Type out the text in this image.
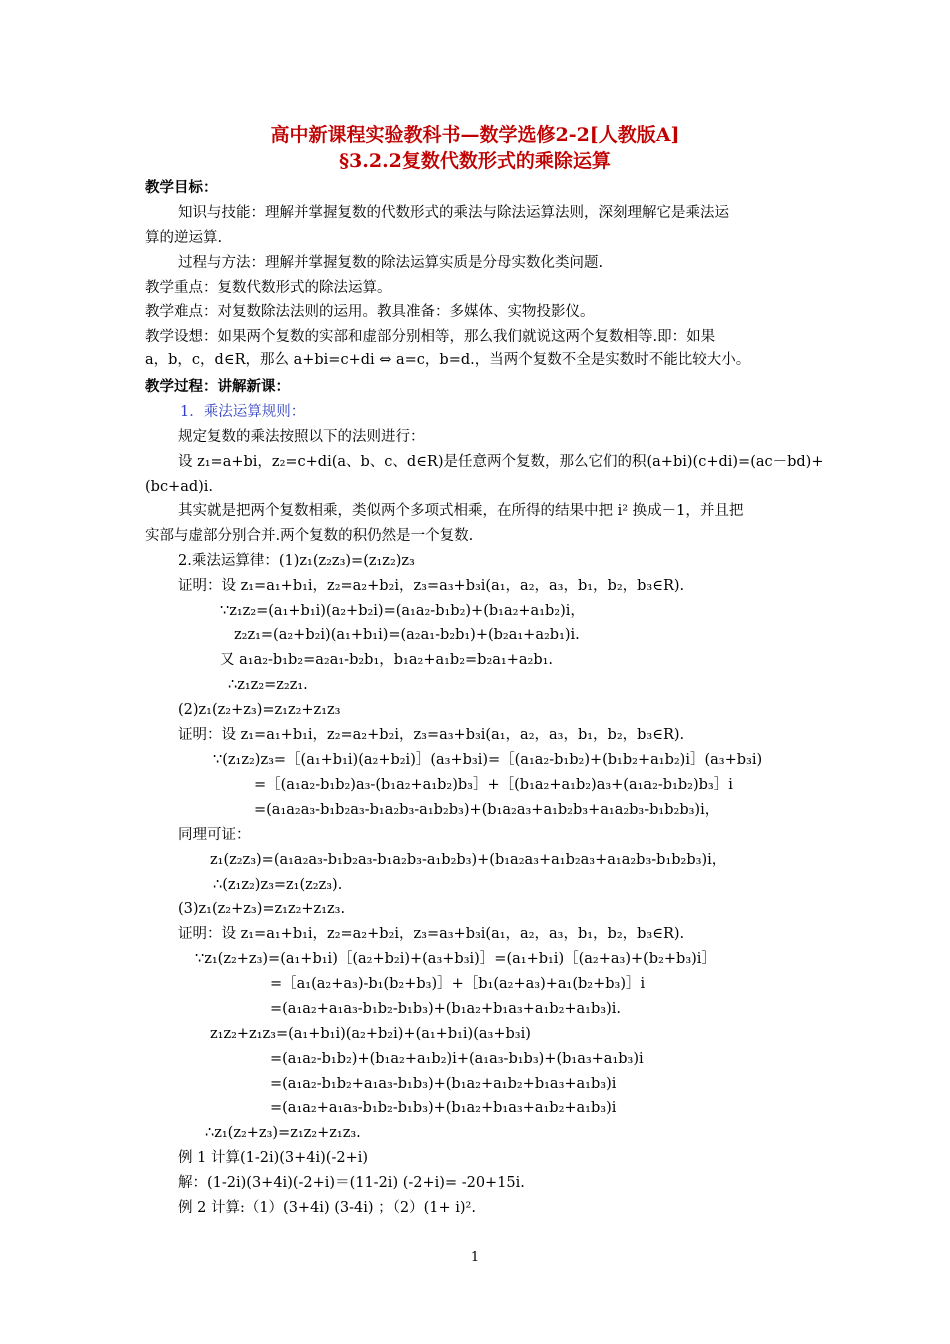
高中新课程实验教科书—数学选修2-2[人教版A]
§3.2.2复数代数形式的乘除运算
教学目标：
知识与技能：理解并掌握复数的代数形式的乘法与除法运算法则，深刻理解它是乘法运
算的逆运算.
过程与方法：理解并掌握复数的除法运算实质是分母实数化类问题.
教学重点：复数代数形式的除法运算。
教学难点：对复数除法法则的运用。教具准备：多媒体、实物投影仪。
教学设想：如果两个复数的实部和虚部分别相等，那么我们就说这两个复数相等.即：如果
a，b，c，d∈R，那么 a+bi=c+di ⇔ a=c，b=d.，当两个复数不全是实数时不能比较大小。
教学过程：讲解新课：
1．乘法运算规则：
规定复数的乘法按照以下的法则进行：
设 z₁=a+bi，z₂=c+di(a、b、c、d∈R)是任意两个复数，那么它们的积(a+bi)(c+di)=(ac－bd)+
(bc+ad)i.
其实就是把两个复数相乘，类似两个多项式相乘，在所得的结果中把 i² 换成－1，并且把
实部与虚部分别合并.两个复数的积仍然是一个复数.
2.乘法运算律：(1)z₁(z₂z₃)=(z₁z₂)z₃
证明：设 z₁=a₁+b₁i，z₂=a₂+b₂i，z₃=a₃+b₃i(a₁，a₂，a₃，b₁，b₂，b₃∈R).
∵z₁z₂=(a₁+b₁i)(a₂+b₂i)=(a₁a₂-b₁b₂)+(b₁a₂+a₁b₂)i，
z₂z₁=(a₂+b₂i)(a₁+b₁i)=(a₂a₁-b₂b₁)+(b₂a₁+a₂b₁)i.
又 a₁a₂-b₁b₂=a₂a₁-b₂b₁，b₁a₂+a₁b₂=b₂a₁+a₂b₁.
∴z₁z₂=z₂z₁.
(2)z₁(z₂+z₃)=z₁z₂+z₁z₃
证明：设 z₁=a₁+b₁i，z₂=a₂+b₂i，z₃=a₃+b₃i(a₁，a₂，a₃，b₁，b₂，b₃∈R).
∵(z₁z₂)z₃=［(a₁+b₁i)(a₂+b₂i)］(a₃+b₃i)=［(a₁a₂-b₁b₂)+(b₁b₂+a₁b₂)i］(a₃+b₃i)
=［(a₁a₂-b₁b₂)a₃-(b₁a₂+a₁b₂)b₃］+［(b₁a₂+a₁b₂)a₃+(a₁a₂-b₁b₂)b₃］i
=(a₁a₂a₃-b₁b₂a₃-b₁a₂b₃-a₁b₂b₃)+(b₁a₂a₃+a₁b₂b₃+a₁a₂b₃-b₁b₂b₃)i，
同理可证：
z₁(z₂z₃)=(a₁a₂a₃-b₁b₂a₃-b₁a₂b₃-a₁b₂b₃)+(b₁a₂a₃+a₁b₂a₃+a₁a₂b₃-b₁b₂b₃)i，
∴(z₁z₂)z₃=z₁(z₂z₃).
(3)z₁(z₂+z₃)=z₁z₂+z₁z₃.
证明：设 z₁=a₁+b₁i，z₂=a₂+b₂i，z₃=a₃+b₃i(a₁，a₂，a₃，b₁，b₂，b₃∈R).
∵z₁(z₂+z₃)=(a₁+b₁i)［(a₂+b₂i)+(a₃+b₃i)］=(a₁+b₁i)［(a₂+a₃)+(b₂+b₃)i］
=［a₁(a₂+a₃)-b₁(b₂+b₃)］+［b₁(a₂+a₃)+a₁(b₂+b₃)］i
=(a₁a₂+a₁a₃-b₁b₂-b₁b₃)+(b₁a₂+b₁a₃+a₁b₂+a₁b₃)i.
z₁z₂+z₁z₃=(a₁+b₁i)(a₂+b₂i)+(a₁+b₁i)(a₃+b₃i)
=(a₁a₂-b₁b₂)+(b₁a₂+a₁b₂)i+(a₁a₃-b₁b₃)+(b₁a₃+a₁b₃)i
=(a₁a₂-b₁b₂+a₁a₃-b₁b₃)+(b₁a₂+a₁b₂+b₁a₃+a₁b₃)i
=(a₁a₂+a₁a₃-b₁b₂-b₁b₃)+(b₁a₂+b₁a₃+a₁b₂+a₁b₃)i
∴z₁(z₂+z₃)=z₁z₂+z₁z₃.
例 1 计算(1-2i)(3+4i)(-2+i)
解：(1-2i)(3+4i)(-2+i)＝(11-2i) (-2+i)= -20+15i.
例 2 计算:（1）(3+4i) (3-4i) ；（2）(1+ i)².
1
